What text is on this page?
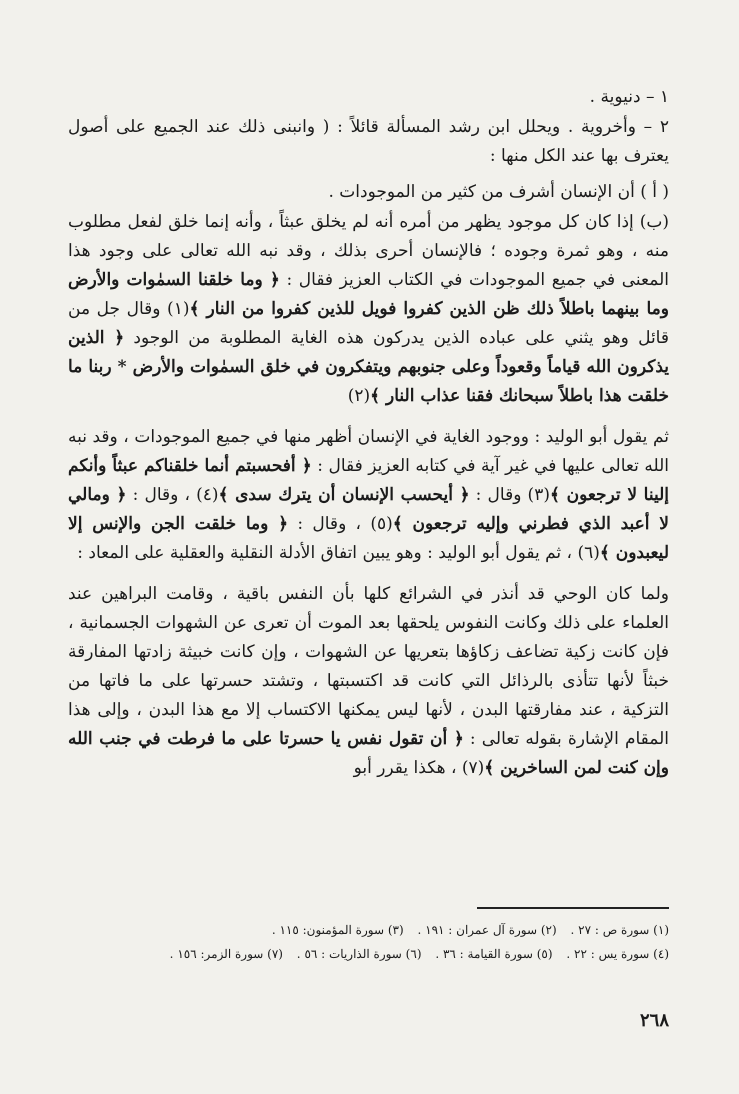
١ – دنيوية .

٢ – وأخروية . ويحلل ابن رشد المسألة قائلاً : ( وانبنى ذلك عند الجميع على أصول يعترف بها عند الكل منها :

( أ ) أن الإنسان أشرف من كثير من الموجودات .

(ب) إذا كان كل موجود يظهر من أمره أنه لم يخلق عبثاً ، وأنه إنما خلق لفعل مطلوب منه ، وهو ثمرة وجوده ؛ فالإنسان أحرى بذلك ، وقد نبه الله تعالى على وجود هذا المعنى في جميع الموجودات في الكتاب العزيز فقال : ﴿ وما خلقنا السمٰوات والأرض وما بينهما باطلاً ذلك ظن الذين كفروا فويل للذين كفروا من النار ﴾(١) وقال جل من قائل وهو يثني على عباده الذين يدركون هذه الغاية المطلوبة من الوجود ﴿ الذين يذكرون الله قياماً وقعوداً وعلى جنوبهم ويتفكرون في خلق السمٰوات والأرض * ربنا ما خلقت هذا باطلاً سبحانك فقنا عذاب النار ﴾(٢)
ثم يقول أبو الوليد : ووجود الغاية في الإنسان أظهر منها في جميع الموجودات ، وقد نبه الله تعالى عليها في غير آية في كتابه العزيز فقال : ﴿ أفحسبتم أنما خلقناكم عبثاً وأنكم إلينا لا ترجعون ﴾(٣) وقال : ﴿ أيحسب الإنسان أن يترك سدى ﴾(٤) ، وقال : ﴿ ومالي لا أعبد الذي فطرني وإليه ترجعون ﴾(٥) ، وقال : ﴿ وما خلقت الجن والإنس إلا ليعبدون ﴾(٦) ، ثم يقول أبو الوليد : وهو يبين اتفاق الأدلة النقلية والعقلية على المعاد :
ولما كان الوحي قد أنذر في الشرائع كلها بأن النفس باقية ، وقامت البراهين عند العلماء على ذلك وكانت النفوس يلحقها بعد الموت أن تعرى عن الشهوات الجسمانية ، فإن كانت زكية تضاعف زكاؤها بتعريها عن الشهوات ، وإن كانت خبيثة زادتها المفارقة خبثاً لأنها تتأذى بالرذائل التي كانت قد اكتسبتها ، وتشتد حسرتها على ما فاتها من التزكية ، عند مفارقتها البدن ، لأنها ليس يمكنها الاكتساب إلا مع هذا البدن ، وإلى هذا المقام الإشارة بقوله تعالى : ﴿ أن تقول نفس يا حسرتا على ما فرطت في جنب الله وإن كنت لمن الساخرين ﴾(٧) ، هكذا يقرر أبو
(١) سورة ص : ٢٧ . (٢) سورة آل عمران : ١٩١ . (٣) سورة المؤمنون: ١١٥ .
(٤) سورة يس : ٢٢ . (٥) سورة القيامة : ٣٦ . (٦) سورة الذاريات : ٥٦ . (٧) سورة الزمر: ١٥٦ .
٢٦٨
